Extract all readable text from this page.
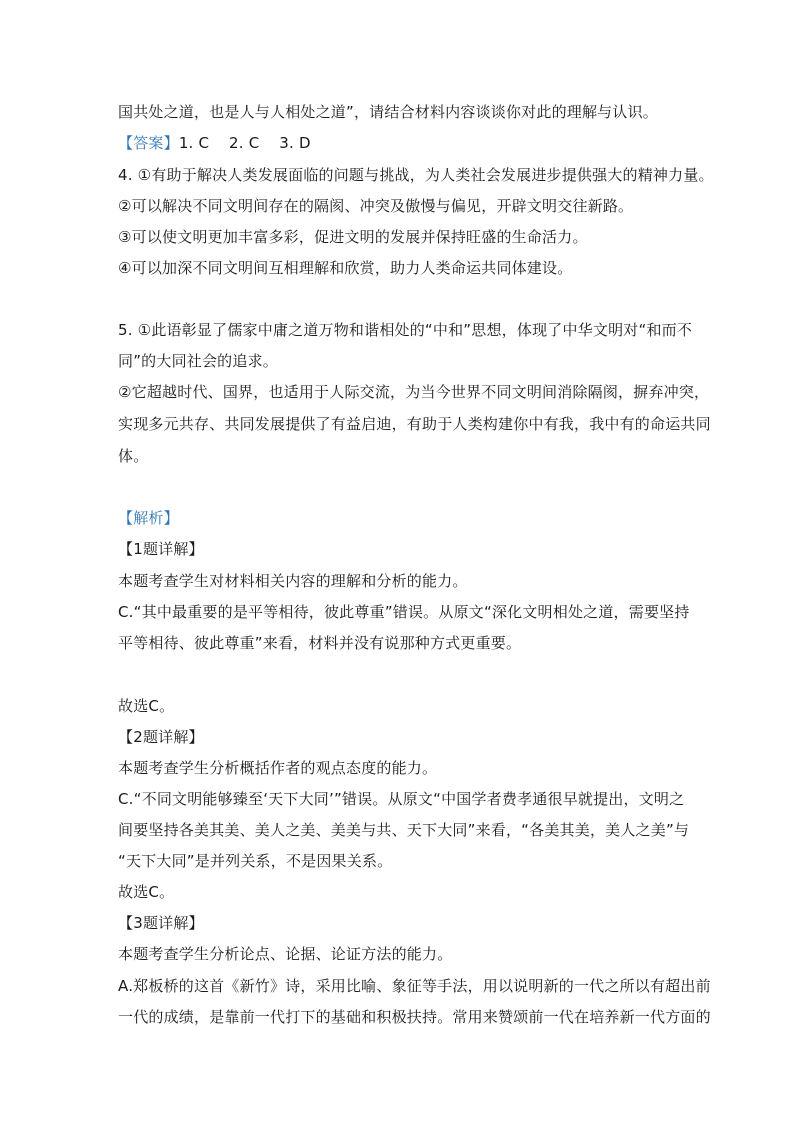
国共处之道，也是人与人相处之道”，请结合材料内容谈谈你对此的理解与认识。
【答案】1. C    2. C    3. D
4. ①有助于解决人类发展面临的问题与挑战，为人类社会发展进步提供强大的精神力量。
②可以解决不同文明间存在的隔阂、冲突及傲慢与偏见，开辟文明交往新路。
③可以使文明更加丰富多彩，促进文明的发展并保持旺盛的生命活力。
④可以加深不同文明间互相理解和欣赏，助力人类命运共同体建设。
5. ①此语彰显了儒家中庸之道万物和谐相处的“中和”思想，体现了中华文明对“和而不
同”的大同社会的追求。
②它超越时代、国界，也适用于人际交流，为当今世界不同文明间消除隔阂，摒弃冲突，
实现多元共存、共同发展提供了有益启迪，有助于人类构建你中有我，我中有的命运共同
体。
【解析】
【1题详解】
本题考查学生对材料相关内容的理解和分析的能力。
C.“其中最重要的是平等相待，彼此尊重”错误。从原文“深化文明相处之道，需要坚持
平等相待、彼此尊重”来看，材料并没有说那种方式更重要。
故选C。
【2题详解】
本题考查学生分析概括作者的观点态度的能力。
C.“不同文明能够臻至‘天下大同’”错误。从原文“中国学者费孝通很早就提出，文明之
间要坚持各美其美、美人之美、美美与共、天下大同”来看，“各美其美，美人之美”与
“天下大同”是并列关系，不是因果关系。
故选C。
【3题详解】
本题考查学生分析论点、论据、论证方法的能力。
A.郑板桥的这首《新竹》诗，采用比喻、象征等手法，用以说明新的一代之所以有超出前
一代的成绩，是靠前一代打下的基础和积极扶持。常用来赞颂前一代在培养新一代方面的
